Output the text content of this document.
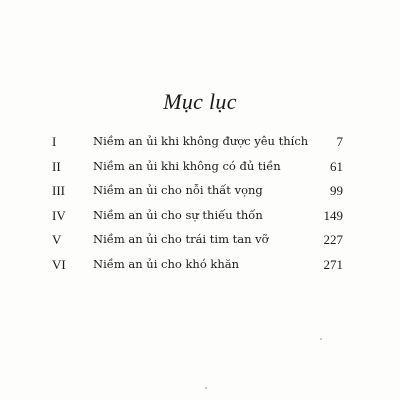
Mục lục
I	Niềm an ủi khi không được yêu thích 7
II	Niềm an ủi khi không có đủ tiền	61
III Niềm an ủi cho nỗi thất vọng	99
IV Niềm an ủi cho sự thiếu thốn	149
V	Niềm an ủi cho trái tim tan vỡ	227
VI Niềm an ủi cho khó khăn	271
